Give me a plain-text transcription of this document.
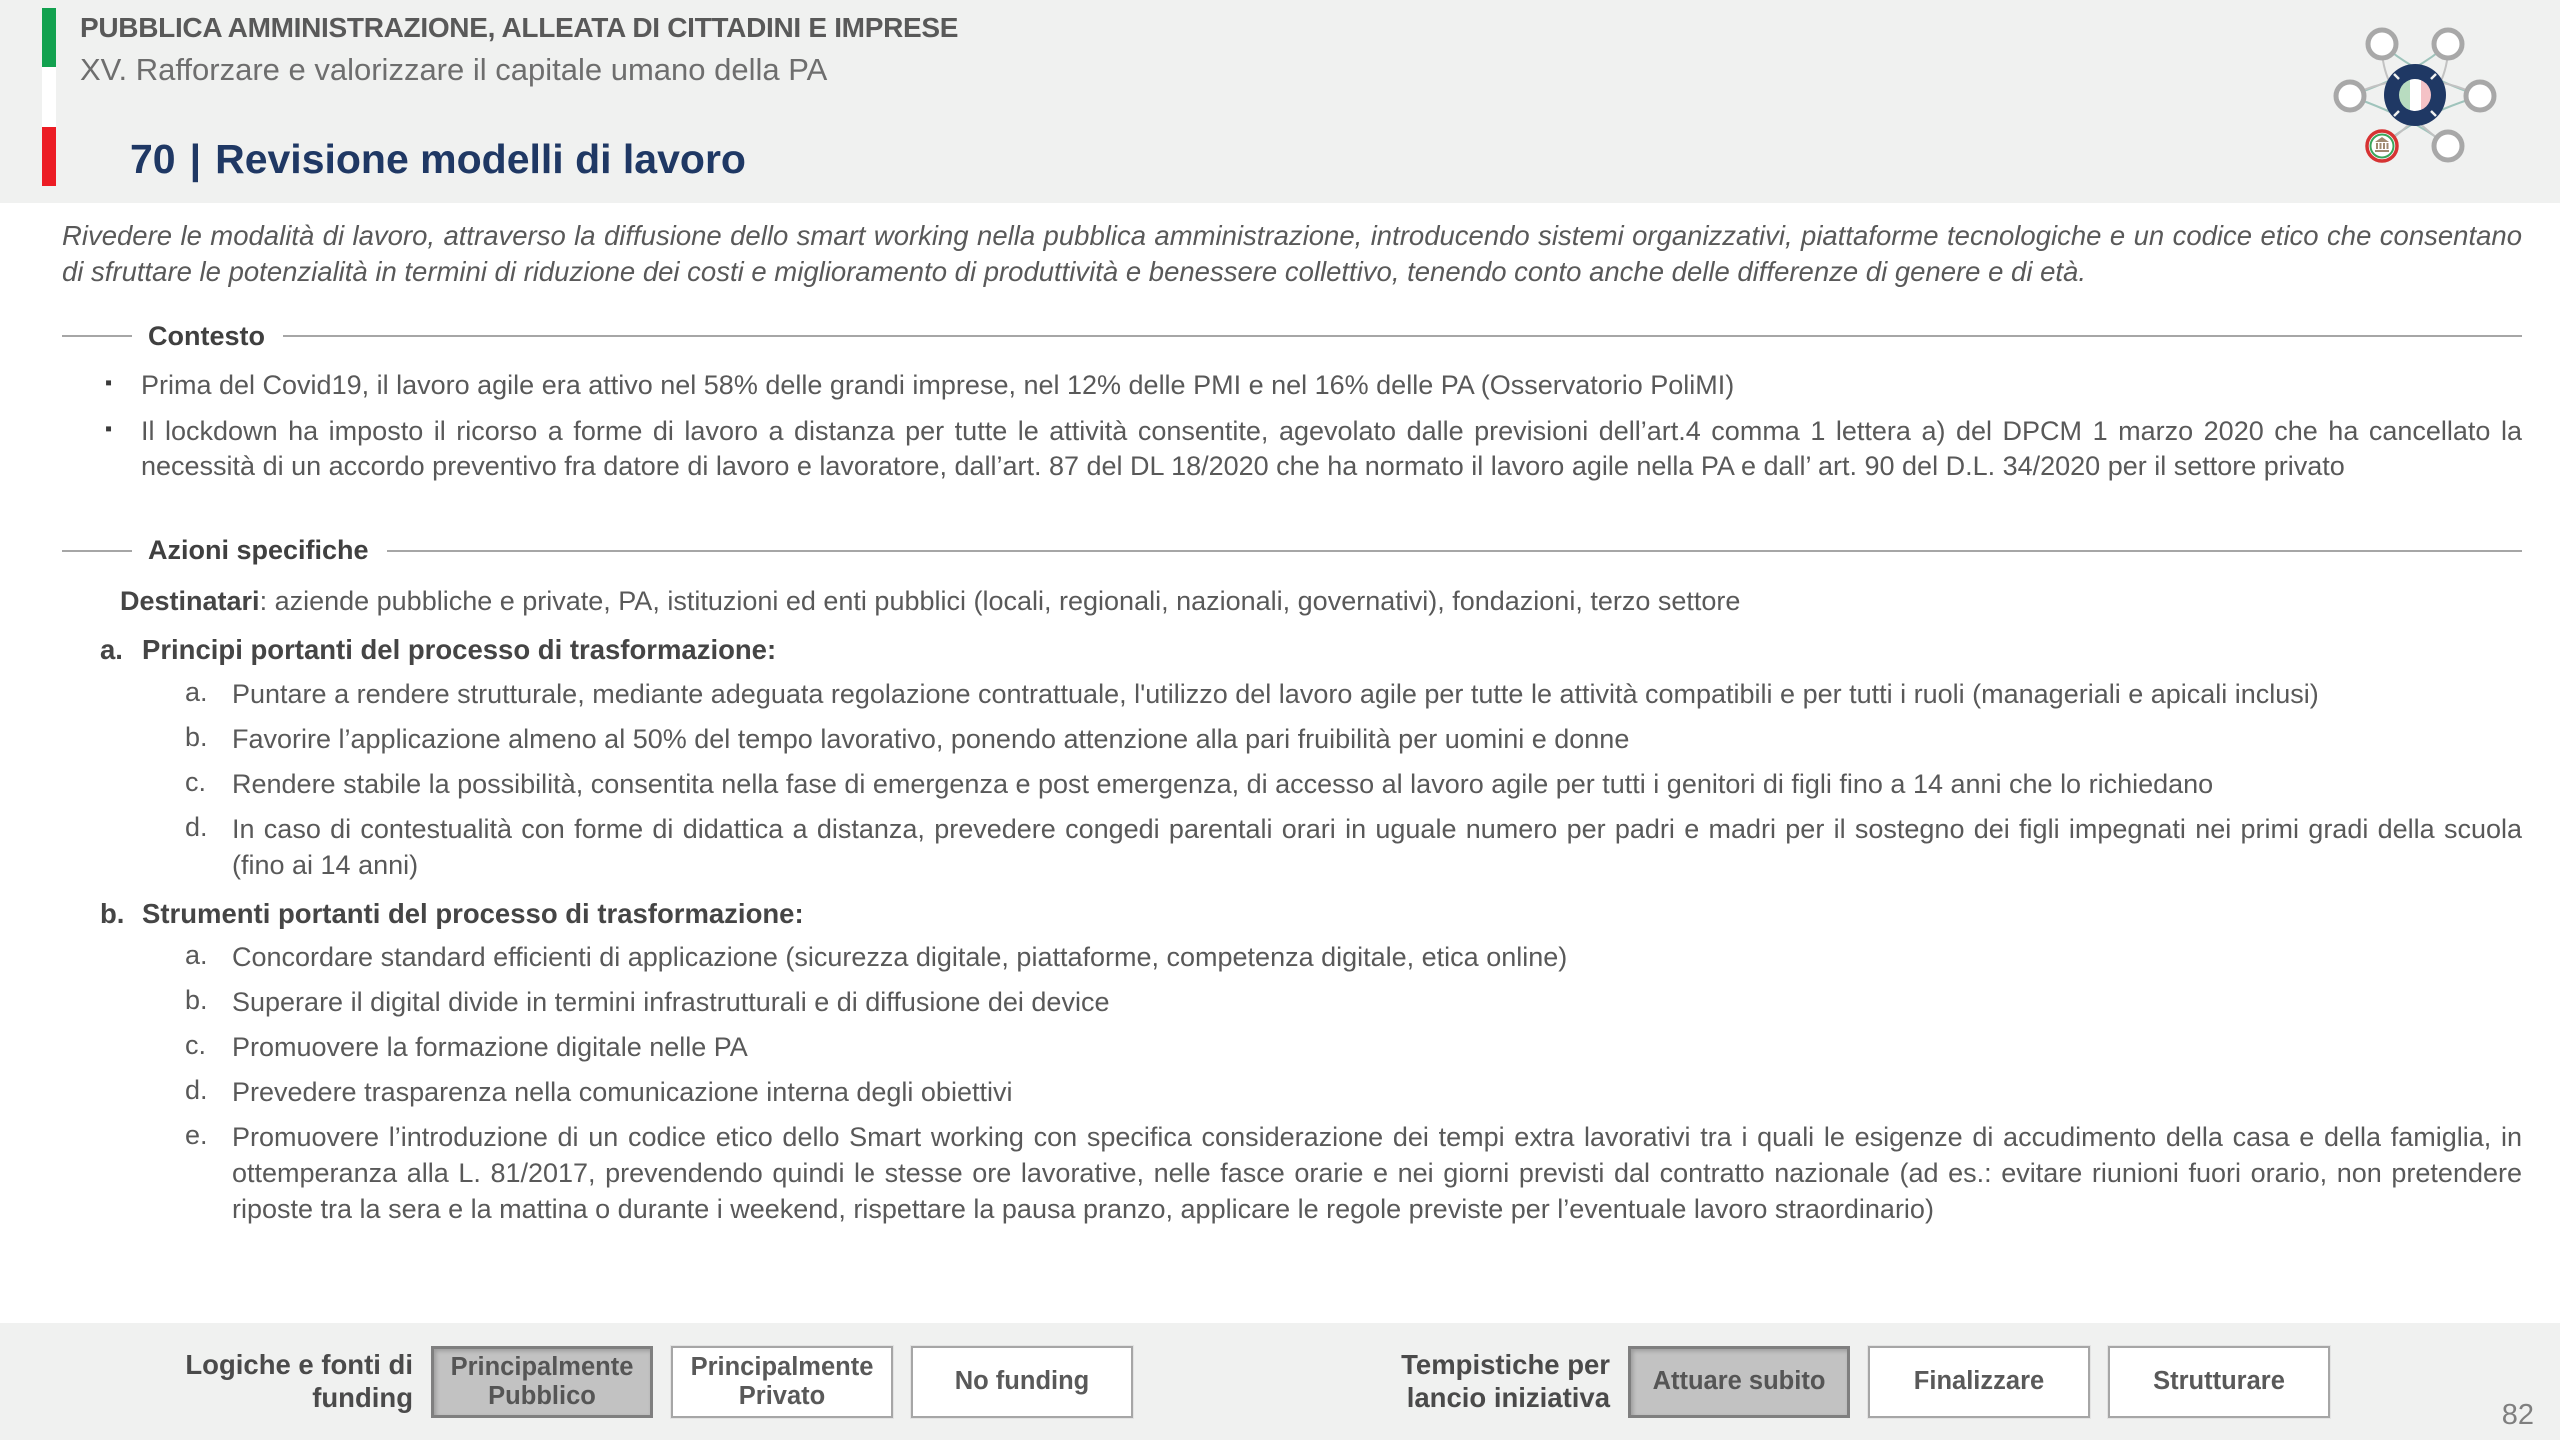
PUBBLICA AMMINISTRAZIONE, ALLEATA DI CITTADINI E IMPRESE
XV. Rafforzare e valorizzare il capitale umano della PA
70 | Revisione modelli di lavoro

Rivedere le modalità di lavoro, attraverso la diffusione dello smart working nella pubblica amministrazione, introducendo sistemi organizzativi, piattaforme tecnologiche e un codice etico che consentano di sfruttare le potenzialità in termini di riduzione dei costi e miglioramento di produttività e benessere collettivo, tenendo conto anche delle differenze di genere e di età.

Contesto
▪	Prima del Covid19, il lavoro agile era attivo nel 58% delle grandi imprese, nel 12% delle PMI e nel 16% delle PA (Osservatorio PoliMI)
▪	Il lockdown ha imposto il ricorso a forme di lavoro a distanza per tutte le attività consentite, agevolato dalle previsioni dell’art.4 comma 1 lettera a) del DPCM 1 marzo 2020 che ha cancellato la necessità di un accordo preventivo fra datore di lavoro e lavoratore, dall’art. 87 del DL 18/2020 che ha normato il lavoro agile nella PA e dall’ art. 90 del D.L. 34/2020 per il settore privato
Azioni specifiche

Destinatari: aziende pubbliche e private, PA, istituzioni ed enti pubblici (locali, regionali, nazionali, governativi), fondazioni, terzo settore

a. Principi portanti del processo di trasformazione:
a. Puntare a rendere strutturale, mediante adeguata regolazione contrattuale, l'utilizzo del lavoro agile per tutte le attività compatibili e per tutti i ruoli (manageriali e apicali inclusi)
b. Favorire l’applicazione almeno al 50% del tempo lavorativo, ponendo attenzione alla pari fruibilità per uomini e donne
c. Rendere stabile la possibilità, consentita nella fase di emergenza e post emergenza, di accesso al lavoro agile per tutti i genitori di figli fino a 14 anni che lo richiedano
d. In caso di contestualità con forme di didattica a distanza, prevedere congedi parentali orari in uguale numero per padri e madri per il sostegno dei figli impegnati nei primi gradi della scuola (fino ai 14 anni)
b. Strumenti portanti del processo di trasformazione:
a. Concordare standard efficienti di applicazione (sicurezza digitale, piattaforme, competenza digitale, etica online)
b. Superare il digital divide in termini infrastrutturali e di diffusione dei device
c. Promuovere la formazione digitale nelle PA
d. Prevedere trasparenza nella comunicazione interna degli obiettivi
e. Promuovere l’introduzione di un codice etico dello Smart working con specifica considerazione dei tempi extra lavorativi tra i quali le esigenze di accudimento della casa e della famiglia, in ottemperanza alla L. 81/2017, prevendendo quindi le stesse ore lavorative, nelle fasce orarie e nei giorni previsti dal contratto nazionale (ad es.: evitare riunioni fuori orario, non pretendere riposte tra la sera e la mattina o durante i weekend, rispettare la pausa pranzo, applicare le regole previste per l’eventuale lavoro straordinario)
Logiche e fonti di funding
Principalmente Pubblico
Principalmente Privato
No funding
Tempistiche per lancio iniziativa
Attuare subito	Finalizzare	Strutturare
82
